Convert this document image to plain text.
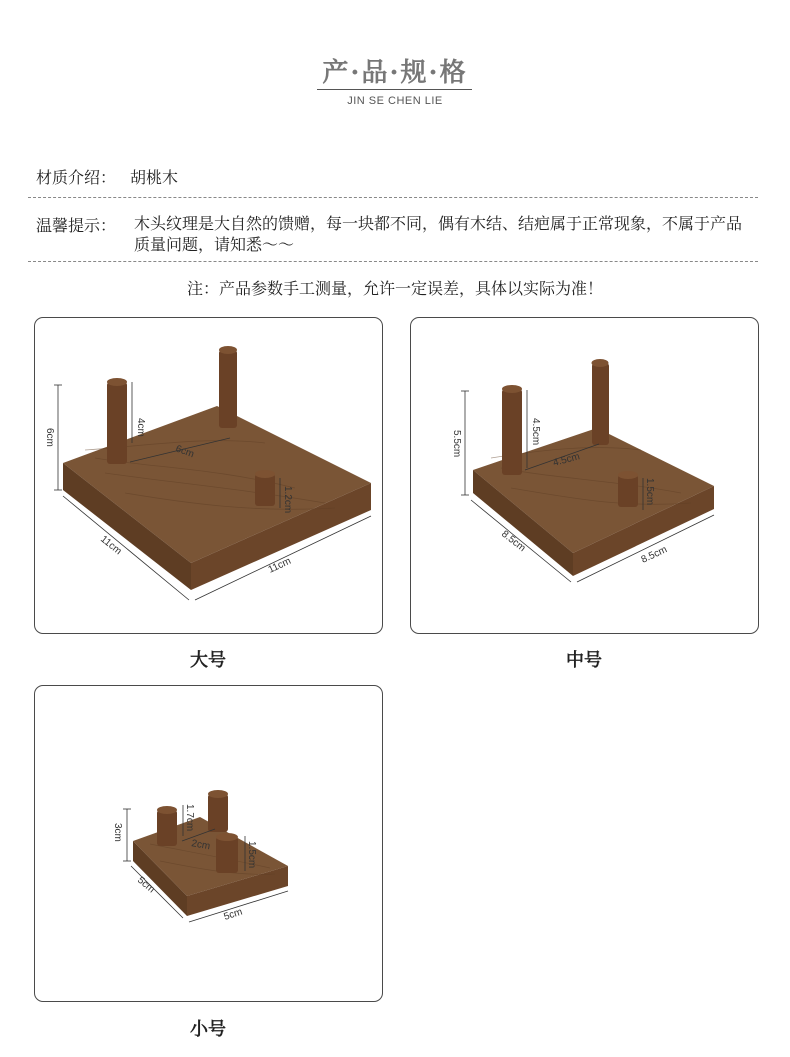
产·品·规·格
JIN SE CHEN LIE
材质介绍： 胡桃木
温馨提示： 木头纹理是大自然的馈赠，每一块都不同，偶有木结、结疤属于正常现象，不属于产品质量问题，请知悉～～
注：产品参数手工测量，允许一定误差，具体以实际为准！
6cm
4cm
6cm
1.2cm
11cm
11cm
大号
5.5cm	4.5cm
4.5cm
1.5cm
8.5cm
8.5cm
中号
3cm
1.7cm
2cm	1.5cm
5cm
5cm
小号
